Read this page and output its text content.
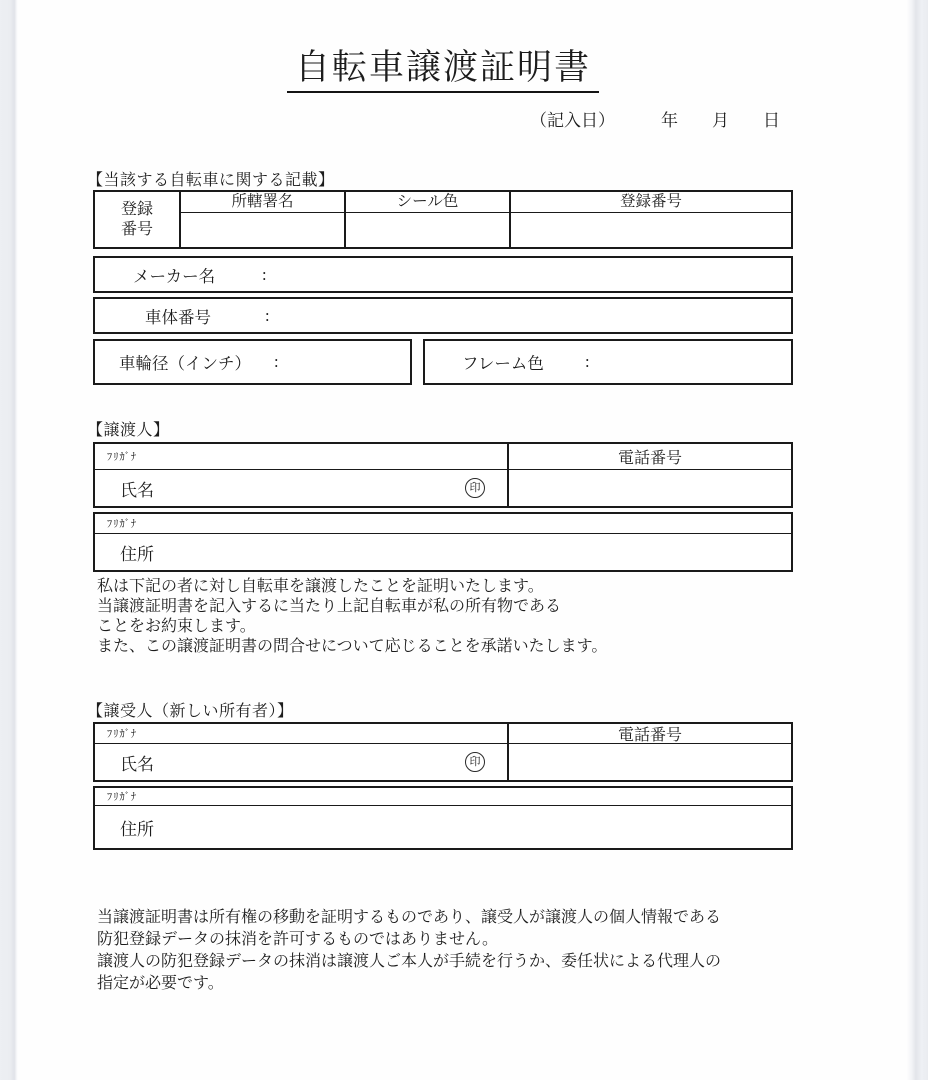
自転車譲渡証明書
（記入日）	年 月 日
【当該する自転車に関する記載】
登録
番号
所轄署名	シール色	登録番号
メーカー名	:
車体番号	:
車輪径（インチ） :	フレーム色 :
【譲渡人】
ﾌﾘｶﾞﾅ
氏名	印
電話番号
ﾌﾘｶﾞﾅ
住所
私は下記の者に対し自転車を譲渡したことを証明いたします。
当譲渡証明書を記入するに当たり上記自転車が私の所有物である
ことをお約束します。
また、この譲渡証明書の問合せについて応じることを承諾いたします。
【譲受人（新しい所有者）】
ﾌﾘｶﾞﾅ
氏名	印
電話番号
ﾌﾘｶﾞﾅ
住所
当譲渡証明書は所有権の移動を証明するものであり、譲受人が譲渡人の個人情報である
防犯登録データの抹消を許可するものではありません。
譲渡人の防犯登録データの抹消は譲渡人ご本人が手続を行うか、委任状による代理人の
指定が必要です。
